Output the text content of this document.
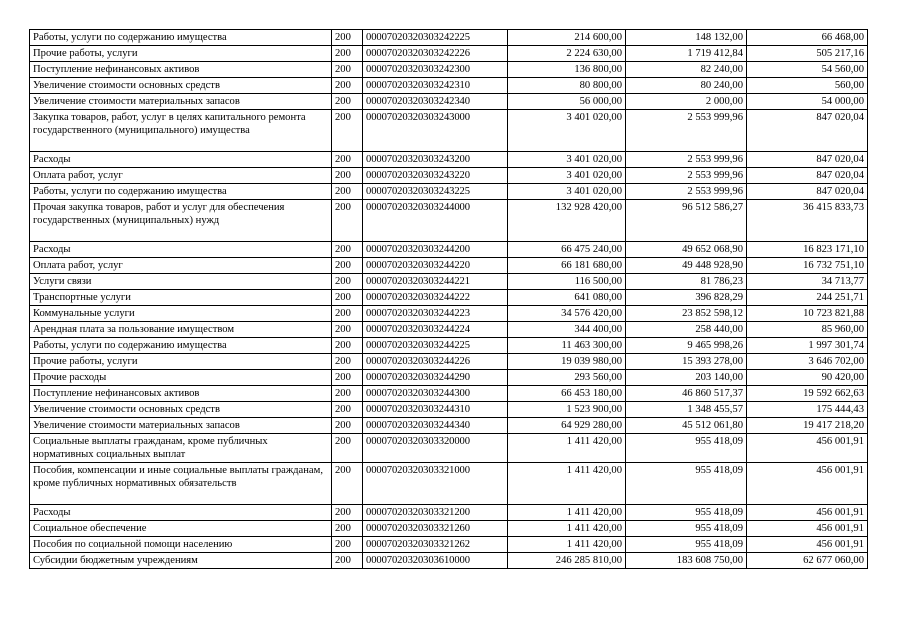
Работы, услуги по содержанию имущества	200	00007020320303242225	214 600,00	148 132,00	66 468,00
Прочие работы, услуги	200	00007020320303242226	2 224 630,00	1 719 412,84	505 217,16
Поступление нефинансовых активов	200	00007020320303242300	136 800,00	82 240,00	54 560,00
Увеличение стоимости основных средств	200	00007020320303242310	80 800,00	80 240,00	560,00
Увеличение стоимости материальных запасов	200	00007020320303242340	56 000,00	2 000,00	54 000,00
Закупка товаров, работ, услуг в целях капитального ремонта государственного (муниципального) имущества	200	00007020320303243000	3 401 020,00	2 553 999,96	847 020,04
Расходы	200	00007020320303243200	3 401 020,00	2 553 999,96	847 020,04
Оплата работ, услуг	200	00007020320303243220	3 401 020,00	2 553 999,96	847 020,04
Работы, услуги по содержанию имущества	200	00007020320303243225	3 401 020,00	2 553 999,96	847 020,04
Прочая закупка товаров, работ и услуг для обеспечения государственных (муниципальных) нужд	200	00007020320303244000	132 928 420,00	96 512 586,27	36 415 833,73
Расходы	200	00007020320303244200	66 475 240,00	49 652 068,90	16 823 171,10
Оплата работ, услуг	200	00007020320303244220	66 181 680,00	49 448 928,90	16 732 751,10
Услуги связи	200	00007020320303244221	116 500,00	81 786,23	34 713,77
Транспортные услуги	200	00007020320303244222	641 080,00	396 828,29	244 251,71
Коммунальные услуги	200	00007020320303244223	34 576 420,00	23 852 598,12	10 723 821,88
Арендная плата за пользование имуществом	200	00007020320303244224	344 400,00	258 440,00	85 960,00
Работы, услуги по содержанию имущества	200	00007020320303244225	11 463 300,00	9 465 998,26	1 997 301,74
Прочие работы, услуги	200	00007020320303244226	19 039 980,00	15 393 278,00	3 646 702,00
Прочие расходы	200	00007020320303244290	293 560,00	203 140,00	90 420,00
Поступление нефинансовых активов	200	00007020320303244300	66 453 180,00	46 860 517,37	19 592 662,63
Увеличение стоимости основных средств	200	00007020320303244310	1 523 900,00	1 348 455,57	175 444,43
Увеличение стоимости материальных запасов	200	00007020320303244340	64 929 280,00	45 512 061,80	19 417 218,20
Социальные выплаты гражданам, кроме публичных нормативных социальных выплат	200	00007020320303320000	1 411 420,00	955 418,09	456 001,91
Пособия, компенсации и иные социальные выплаты гражданам, кроме публичных нормативных обязательств	200	00007020320303321000	1 411 420,00	955 418,09	456 001,91
Расходы	200	00007020320303321200	1 411 420,00	955 418,09	456 001,91
Социальное обеспечение	200	00007020320303321260	1 411 420,00	955 418,09	456 001,91
Пособия по социальной помощи населению	200	00007020320303321262	1 411 420,00	955 418,09	456 001,91
Субсидии бюджетным учреждениям	200	00007020320303610000	246 285 810,00	183 608 750,00	62 677 060,00
